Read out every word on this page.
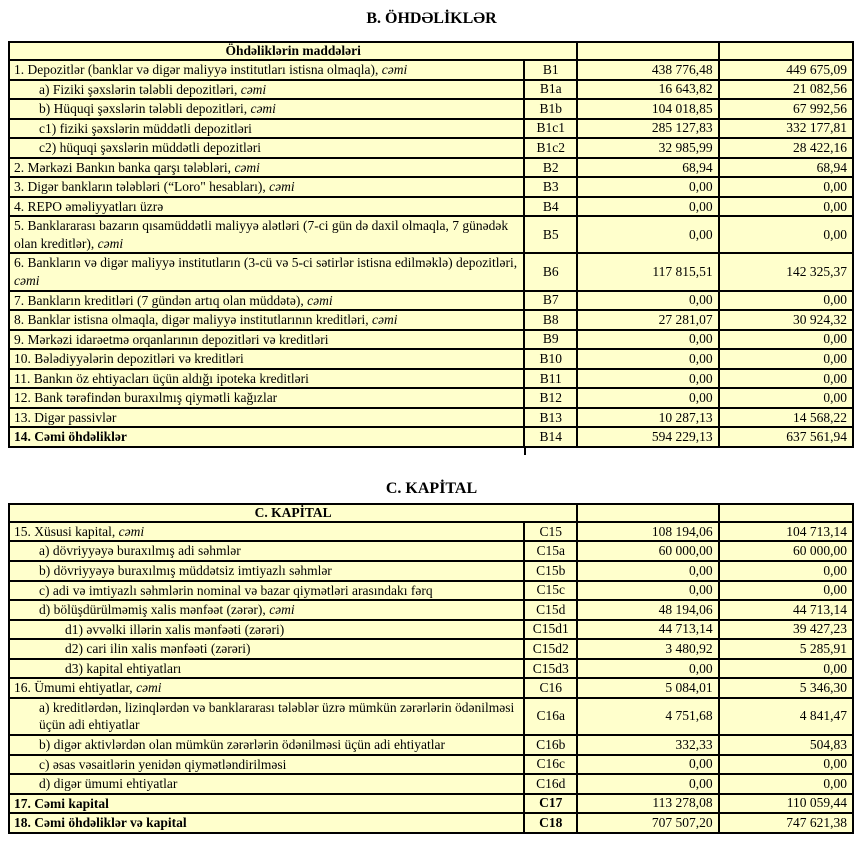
B. ÖHDƏLİKLƏR
Öhdəliklərin maddələri			
1. Depozitlər (banklar və digər maliyyə institutları istisna olmaqla), cəmi	B1	438 776,48	449 675,09
a) Fiziki şəxslərin tələbli depozitləri, cəmi	B1a	16 643,82	21 082,56
b) Hüquqi şəxslərin tələbli depozitləri, cəmi	B1b	104 018,85	67 992,56
c1) fiziki şəxslərin müddətli depozitləri	B1c1	285 127,83	332 177,81
c2) hüquqi şəxslərin müddətli depozitləri	B1c2	32 985,99	28 422,16
2. Mərkəzi Bankın banka qarşı tələbləri, cəmi	B2	68,94	68,94
3. Digər bankların tələbləri (“Loro" hesabları), cəmi	B3	0,00	0,00
4. REPO əməliyyatları üzrə	B4	0,00	0,00
5. Banklararası bazarın qısamüddətli maliyyə alətləri (7-ci gün də daxil olmaqla, 7 günədək olan kreditlər), cəmi	B5	0,00	0,00
6. Bankların və digər maliyyə institutların (3-cü və 5-ci sətirlər istisna edilməklə) depozitləri, cəmi	B6	117 815,51	142 325,37
7. Bankların kreditləri (7 gündən artıq olan müddətə), cəmi	B7	0,00	0,00
8. Banklar istisna olmaqla, digər maliyyə institutlarının kreditləri, cəmi	B8	27 281,07	30 924,32
9. Mərkəzi idarəetmə orqanlarının depozitləri və kreditləri	B9	0,00	0,00
10. Bələdiyyələrin depozitləri və kreditləri	B10	0,00	0,00
11. Bankın öz ehtiyacları üçün aldığı ipoteka kreditləri	B11	0,00	0,00
12. Bank tərəfindən buraxılmış qiymətli kağızlar	B12	0,00	0,00
13. Digər passivlər	B13	10 287,13	14 568,22
14. Cəmi öhdəliklər	B14	594 229,13	637 561,94
C. KAPİTAL
C. KAPİTAL			
15. Xüsusi kapital, cəmi	C15	108 194,06	104 713,14
a) dövriyyəyə buraxılmış adi səhmlər	C15a	60 000,00	60 000,00
b) dövriyyəyə buraxılmış müddətsiz imtiyazlı səhmlər	C15b	0,00	0,00
c) adi və imtiyazlı səhmlərin nominal və bazar qiymətləri arasındakı fərq	C15c	0,00	0,00
d) bölüşdürülməmiş xalis mənfəət (zərər), cəmi	C15d	48 194,06	44 713,14
d1) əvvəlki illərin xalis mənfəəti (zərəri)	C15d1	44 713,14	39 427,23
d2) cari ilin xalis mənfəəti (zərəri)	C15d2	3 480,92	5 285,91
d3) kapital ehtiyatları	C15d3	0,00	0,00
16. Ümumi ehtiyatlar, cəmi	C16	5 084,01	5 346,30
a) kreditlərdən, lizinqlərdən və banklararası tələblər üzrə mümkün zərərlərin ödənilməsi üçün adi ehtiyatlar	C16a	4 751,68	4 841,47
b) digər aktivlərdən olan mümkün zərərlərin ödənilməsi üçün adi ehtiyatlar	C16b	332,33	504,83
c) əsas vəsaitlərin yenidən qiymətləndirilməsi	C16c	0,00	0,00
d) digər ümumi ehtiyatlar	C16d	0,00	0,00
17. Cəmi kapital	C17	113 278,08	110 059,44
18. Cəmi öhdəliklər və kapital	C18	707 507,20	747 621,38
